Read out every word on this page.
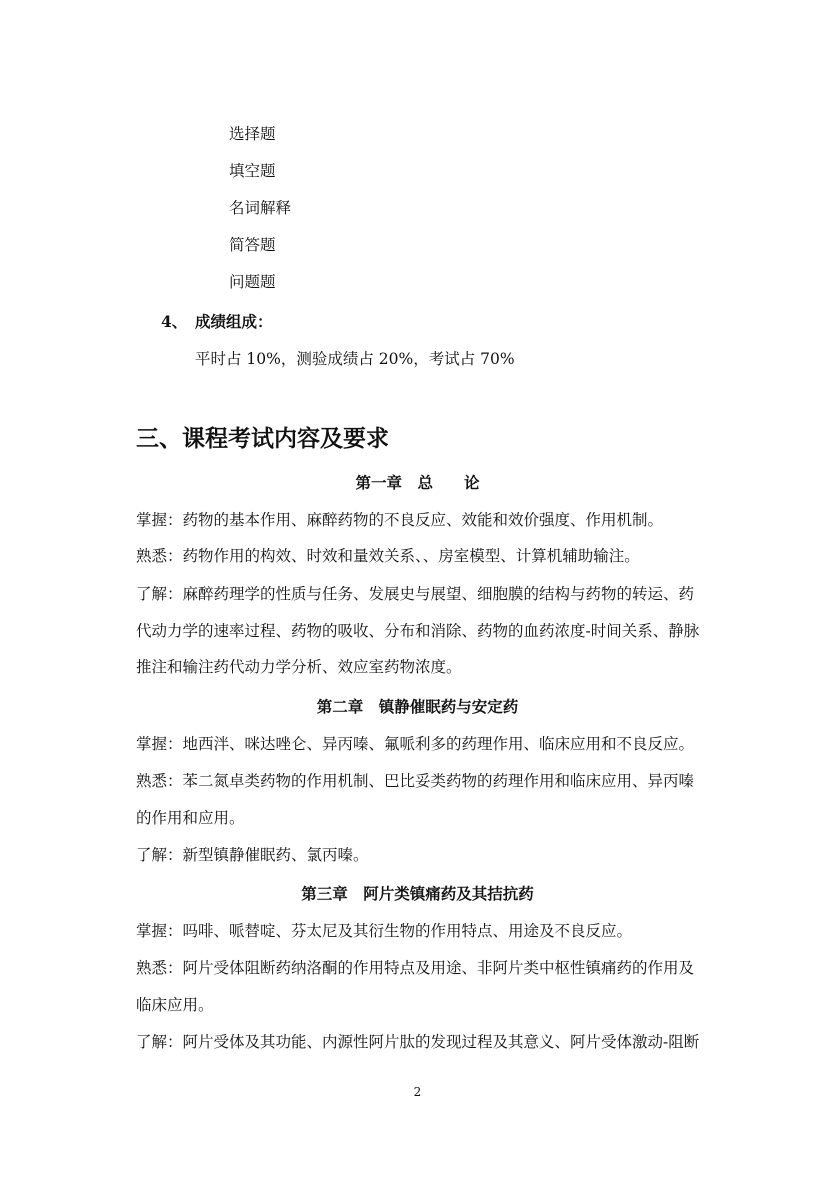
选择题
填空题
名词解释
简答题
问题题
4、 成绩组成：
平时占 10%，测验成绩占 20%，考试占 70%
三、课程考试内容及要求
第一章　总　　论
掌握：药物的基本作用、麻醉药物的不良反应、效能和效价强度、作用机制。
熟悉：药物作用的构效、时效和量效关系、、房室模型、计算机辅助输注。
了解：麻醉药理学的性质与任务、发展史与展望、细胞膜的结构与药物的转运、药
代动力学的速率过程、药物的吸收、分布和消除、药物的血药浓度-时间关系、静脉
推注和输注药代动力学分析、效应室药物浓度。
第二章　镇静催眠药与安定药
掌握：地西泮、咪达唑仑、异丙嗪、氟哌利多的药理作用、临床应用和不良反应。
熟悉：苯二氮卓类药物的作用机制、巴比妥类药物的药理作用和临床应用、异丙嗪
的作用和应用。
了解：新型镇静催眠药、氯丙嗪。
第三章　阿片类镇痛药及其拮抗药
掌握：吗啡、哌替啶、芬太尼及其衍生物的作用特点、用途及不良反应。
熟悉：阿片受体阻断药纳洛酮的作用特点及用途、非阿片类中枢性镇痛药的作用及
临床应用。
了解：阿片受体及其功能、内源性阿片肽的发现过程及其意义、阿片受体激动-阻断
2
